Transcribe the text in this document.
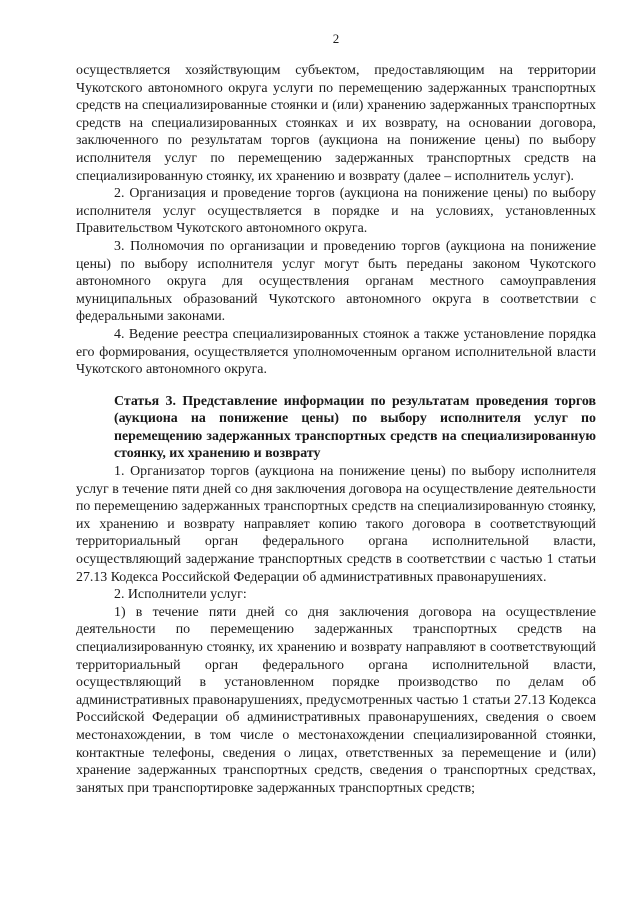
2

осуществляется хозяйствующим субъектом, предоставляющим на территории Чукотского автономного округа услуги по перемещению задержанных транспортных средств на специализированные стоянки и (или) хранению задержанных транспортных средств на специализированных стоянках и их возврату, на основании договора, заключенного по результатам торгов (аукциона на понижение цены) по выбору исполнителя услуг по перемещению задержанных транспортных средств на специализированную стоянку, их хранению и возврату (далее – исполнитель услуг).

2. Организация и проведение торгов (аукциона на понижение цены) по выбору исполнителя услуг осуществляется в порядке и на условиях, установленных Правительством Чукотского автономного округа.

3. Полномочия по организации и проведению торгов (аукциона на понижение цены) по выбору исполнителя услуг могут быть переданы законом Чукотского автономного округа для осуществления органам местного самоуправления муниципальных образований Чукотского автономного округа в соответствии с федеральными законами.

4. Ведение реестра специализированных стоянок а также установление порядка его формирования, осуществляется уполномоченным органом исполнительной власти Чукотского автономного округа.

Статья 3. Представление информации по результатам проведения торгов (аукциона на понижение цены) по выбору исполнителя услуг по перемещению задержанных транспортных средств на специализированную стоянку, их хранению и возврату

1. Организатор торгов (аукциона на понижение цены) по выбору исполнителя услуг в течение пяти дней со дня заключения договора на осуществление деятельности по перемещению задержанных транспортных средств на специализированную стоянку, их хранению и возврату направляет копию такого договора в соответствующий территориальный орган федерального органа исполнительной власти, осуществляющий задержание транспортных средств в соответствии с частью 1 статьи 27.13 Кодекса Российской Федерации об административных правонарушениях.

2. Исполнители услуг:

1) в течение пяти дней со дня заключения договора на осуществление деятельности по перемещению задержанных транспортных средств на специализированную стоянку, их хранению и возврату направляют в соответствующий территориальный орган федерального органа исполнительной власти, осуществляющий в установленном порядке производство по делам об административных правонарушениях, предусмотренных частью 1 статьи 27.13 Кодекса Российской Федерации об административных правонарушениях, сведения о своем местонахождении, в том числе о местонахождении специализированной стоянки, контактные телефоны, сведения о лицах, ответственных за перемещение и (или) хранение задержанных транспортных средств, сведения о транспортных средствах, занятых при транспортировке задержанных транспортных средств;
